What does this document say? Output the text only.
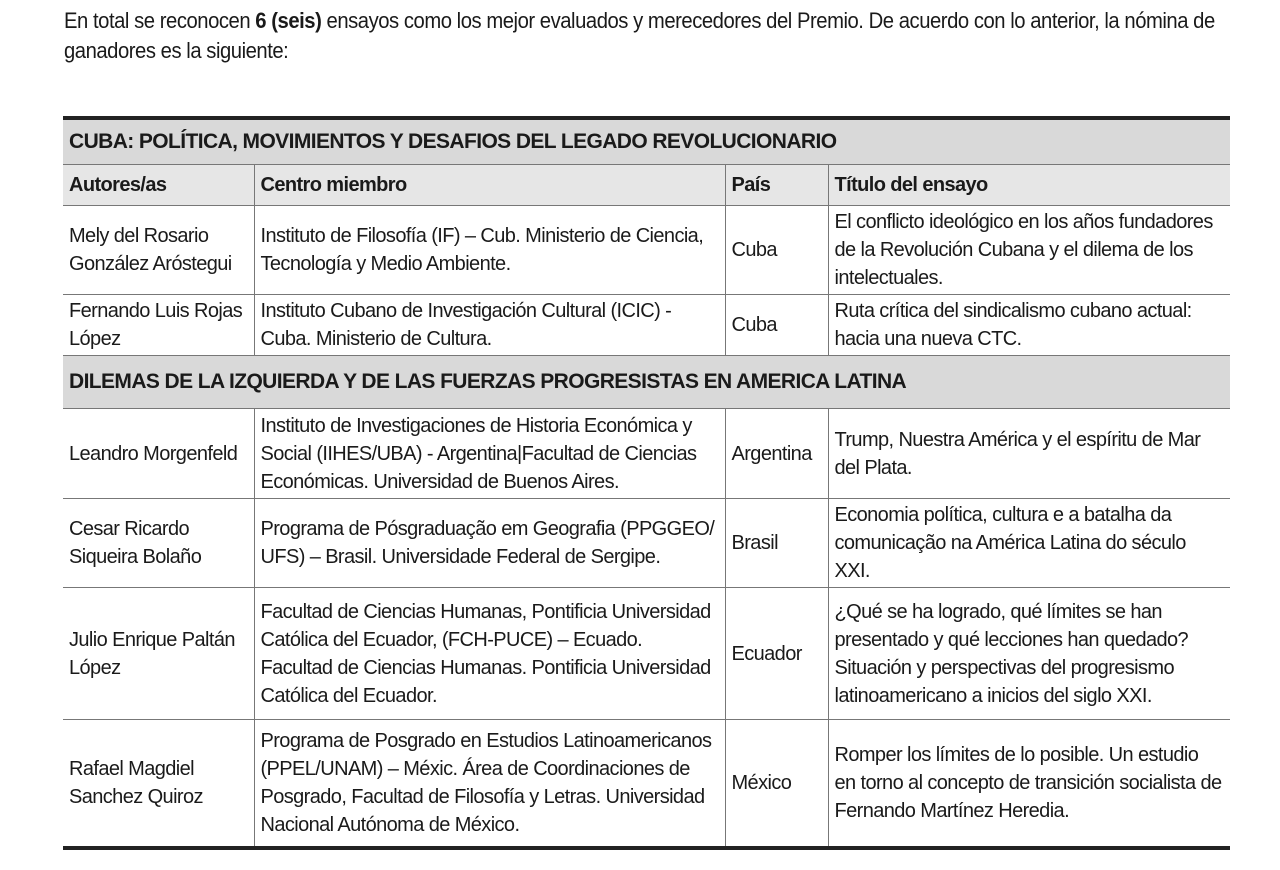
En total se reconocen 6 (seis) ensayos como los mejor evaluados y merecedores del Premio. De acuerdo con lo anterior, la nómina de ganadores es la siguiente:

CUBA: POLÍTICA, MOVIMIENTOS Y DESAFIOS DEL LEGADO REVOLUCIONARIO			
Autores/as	Centro miembro	País	Título del ensayo
Mely del Rosario González Aróstegui	Instituto de Filosofía (IF) – Cub. Ministerio de Ciencia, Tecnología y Medio Ambiente.	Cuba	El conflicto ideológico en los años fundadores de la Revolución Cubana y el dilema de los intelectuales.
Fernando Luis Rojas López	Instituto Cubano de Investigación Cultural (ICIC) - Cuba. Ministerio de Cultura.	Cuba	Ruta crítica del sindicalismo cubano actual: hacia una nueva CTC.
DILEMAS DE LA IZQUIERDA Y DE LAS FUERZAS PROGRESISTAS EN AMERICA LATINA			
Leandro Morgenfeld	Instituto de Investigaciones de Historia Económica y Social (IIHES/UBA) - Argentina|Facultad de Ciencias Económicas. Universidad de Buenos Aires.	Argentina	Trump, Nuestra América y el espíritu de Mar del Plata.
Cesar Ricardo Siqueira Bolaño	Programa de Pósgraduação em Geografia (PPGGEO/ UFS) – Brasil. Universidade Federal de Sergipe.	Brasil	Economia política, cultura e a batalha da comunicação na América Latina do século XXI.
Julio Enrique Paltán López	Facultad de Ciencias Humanas, Pontificia Universidad Católica del Ecuador, (FCH-PUCE) – Ecuado. Facultad de Ciencias Humanas. Pontificia Universidad Católica del Ecuador.	Ecuador	¿Qué se ha logrado, qué límites se han presentado y qué lecciones han quedado? Situación y perspectivas del progresismo latinoamericano a inicios del siglo XXI.
Rafael Magdiel Sanchez Quiroz	Programa de Posgrado en Estudios Latinoamericanos (PPEL/UNAM) – Méxic. Área de Coordinaciones de Posgrado, Facultad de Filosofía y Letras. Universidad Nacional Autónoma de México.	México	Romper los límites de lo posible. Un estudio en torno al concepto de transición socialista de Fernando Martínez Heredia.
